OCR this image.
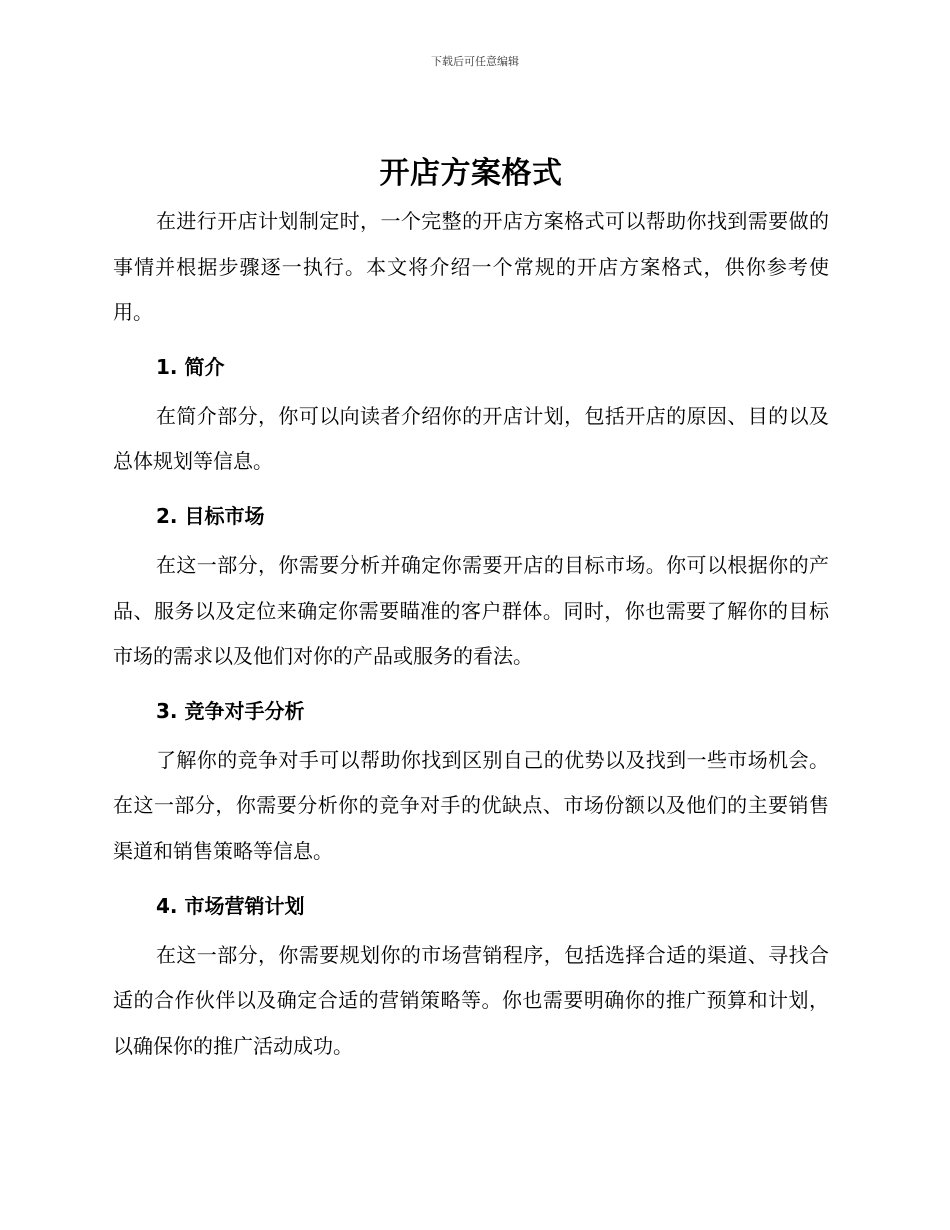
下载后可任意编辑
开店方案格式

在进行开店计划制定时，一个完整的开店方案格式可以帮助你找到需要做的事情并根据步骤逐一执行。本文将介绍一个常规的开店方案格式，供你参考使用。

1. 简介

在简介部分，你可以向读者介绍你的开店计划，包括开店的原因、目的以及总体规划等信息。

2. 目标市场

在这一部分，你需要分析并确定你需要开店的目标市场。你可以根据你的产品、服务以及定位来确定你需要瞄准的客户群体。同时，你也需要了解你的目标市场的需求以及他们对你的产品或服务的看法。

3. 竞争对手分析

了解你的竞争对手可以帮助你找到区别自己的优势以及找到一些市场机会。在这一部分，你需要分析你的竞争对手的优缺点、市场份额以及他们的主要销售渠道和销售策略等信息。

4. 市场营销计划

在这一部分，你需要规划你的市场营销程序，包括选择合适的渠道、寻找合适的合作伙伴以及确定合适的营销策略等。你也需要明确你的推广预算和计划，以确保你的推广活动成功。
